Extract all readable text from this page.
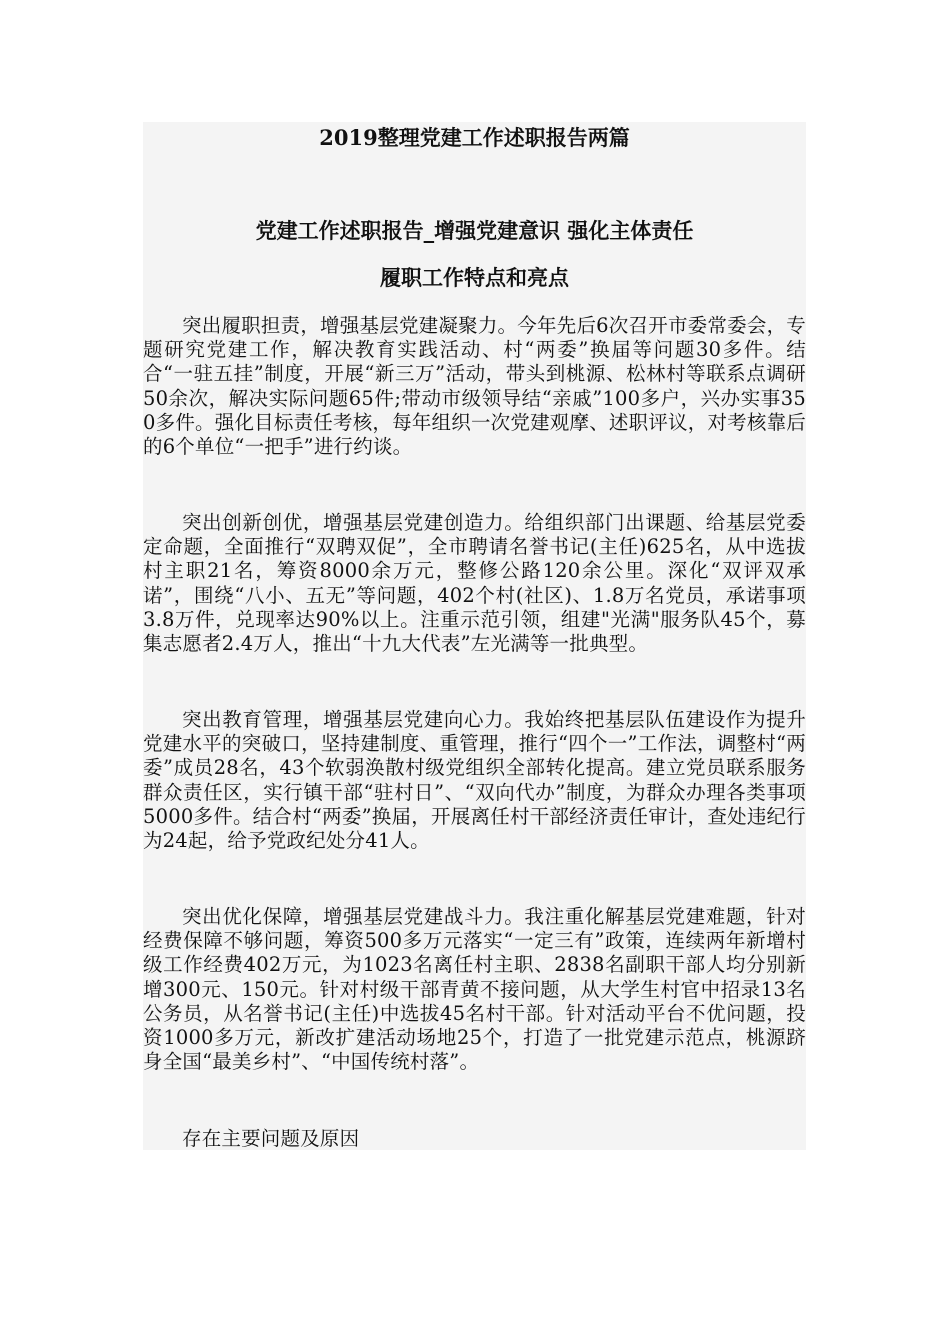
2019整理党建工作述职报告两篇
党建工作述职报告_增强党建意识 强化主体责任
履职工作特点和亮点

突出履职担责，增强基层党建凝聚力。今年先后6次召开市委常委会，专题研究党建工作，解决教育实践活动、村“两委”换届等问题30多件。结合“一驻五挂”制度，开展“新三万”活动，带头到桃源、松林村等联系点调研50余次，解决实际问题65件;带动市级领导结“亲戚”100多户，兴办实事350多件。强化目标责任考核，每年组织一次党建观摩、述职评议，对考核靠后的6个单位“一把手”进行约谈。

突出创新创优，增强基层党建创造力。给组织部门出课题、给基层党委定命题，全面推行“双聘双促”，全市聘请名誉书记(主任)625名，从中选拔村主职21名，筹资8000余万元，整修公路120余公里。深化“双评双承诺”，围绕“八小、五无”等问题，402个村(社区)、1.8万名党员，承诺事项3.8万件，兑现率达90%以上。注重示范引领，组建"光满"服务队45个，募集志愿者2.4万人，推出“十九大代表”左光满等一批典型。

突出教育管理，增强基层党建向心力。我始终把基层队伍建设作为提升党建水平的突破口，坚持建制度、重管理，推行“四个一”工作法，调整村“两委”成员28名，43个软弱涣散村级党组织全部转化提高。建立党员联系服务群众责任区，实行镇干部“驻村日”、“双向代办”制度，为群众办理各类事项5000多件。结合村“两委”换届，开展离任村干部经济责任审计，查处违纪行为24起，给予党政纪处分41人。

突出优化保障，增强基层党建战斗力。我注重化解基层党建难题，针对经费保障不够问题，筹资500多万元落实“一定三有”政策，连续两年新增村级工作经费402万元，为1023名离任村主职、2838名副职干部人均分别新增300元、150元。针对村级干部青黄不接问题，从大学生村官中招录13名公务员，从名誉书记(主任)中选拔45名村干部。针对活动平台不优问题，投资1000多万元，新改扩建活动场地25个，打造了一批党建示范点，桃源跻身全国“最美乡村”、“中国传统村落”。

存在主要问题及原因
